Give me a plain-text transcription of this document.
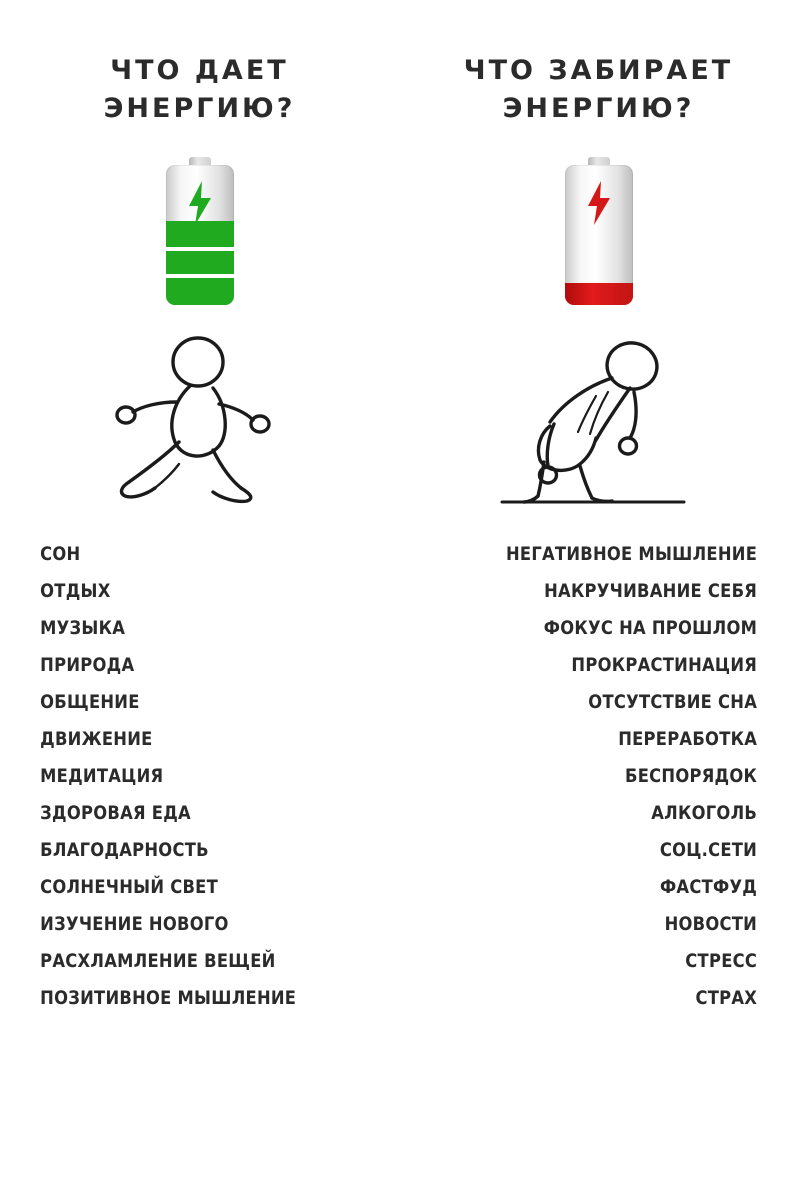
ЧТО ДАЕТ
ЭНЕРГИЮ?
СОН
ОТДЫХ
МУЗЫКА
ПРИРОДА
ОБЩЕНИЕ
ДВИЖЕНИЕ
МЕДИТАЦИЯ
ЗДОРОВАЯ ЕДА
БЛАГОДАРНОСТЬ
СОЛНЕЧНЫЙ СВЕТ
ИЗУЧЕНИЕ НОВОГО
РАСХЛАМЛЕНИЕ ВЕЩЕЙ
ПОЗИТИВНОЕ МЫШЛЕНИЕ
ЧТО ЗАБИРАЕТ
ЭНЕРГИЮ?
НЕГАТИВНОЕ МЫШЛЕНИЕ
НАКРУЧИВАНИЕ СЕБЯ
ФОКУС НА ПРОШЛОМ
ПРОКРАСТИНАЦИЯ
ОТСУТСТВИЕ СНА
ПЕРЕРАБОТКА
БЕСПОРЯДОК
АЛКОГОЛЬ
СОЦ.СЕТИ
ФАСТФУД
НОВОСТИ
СТРЕСС
СТРАХ
